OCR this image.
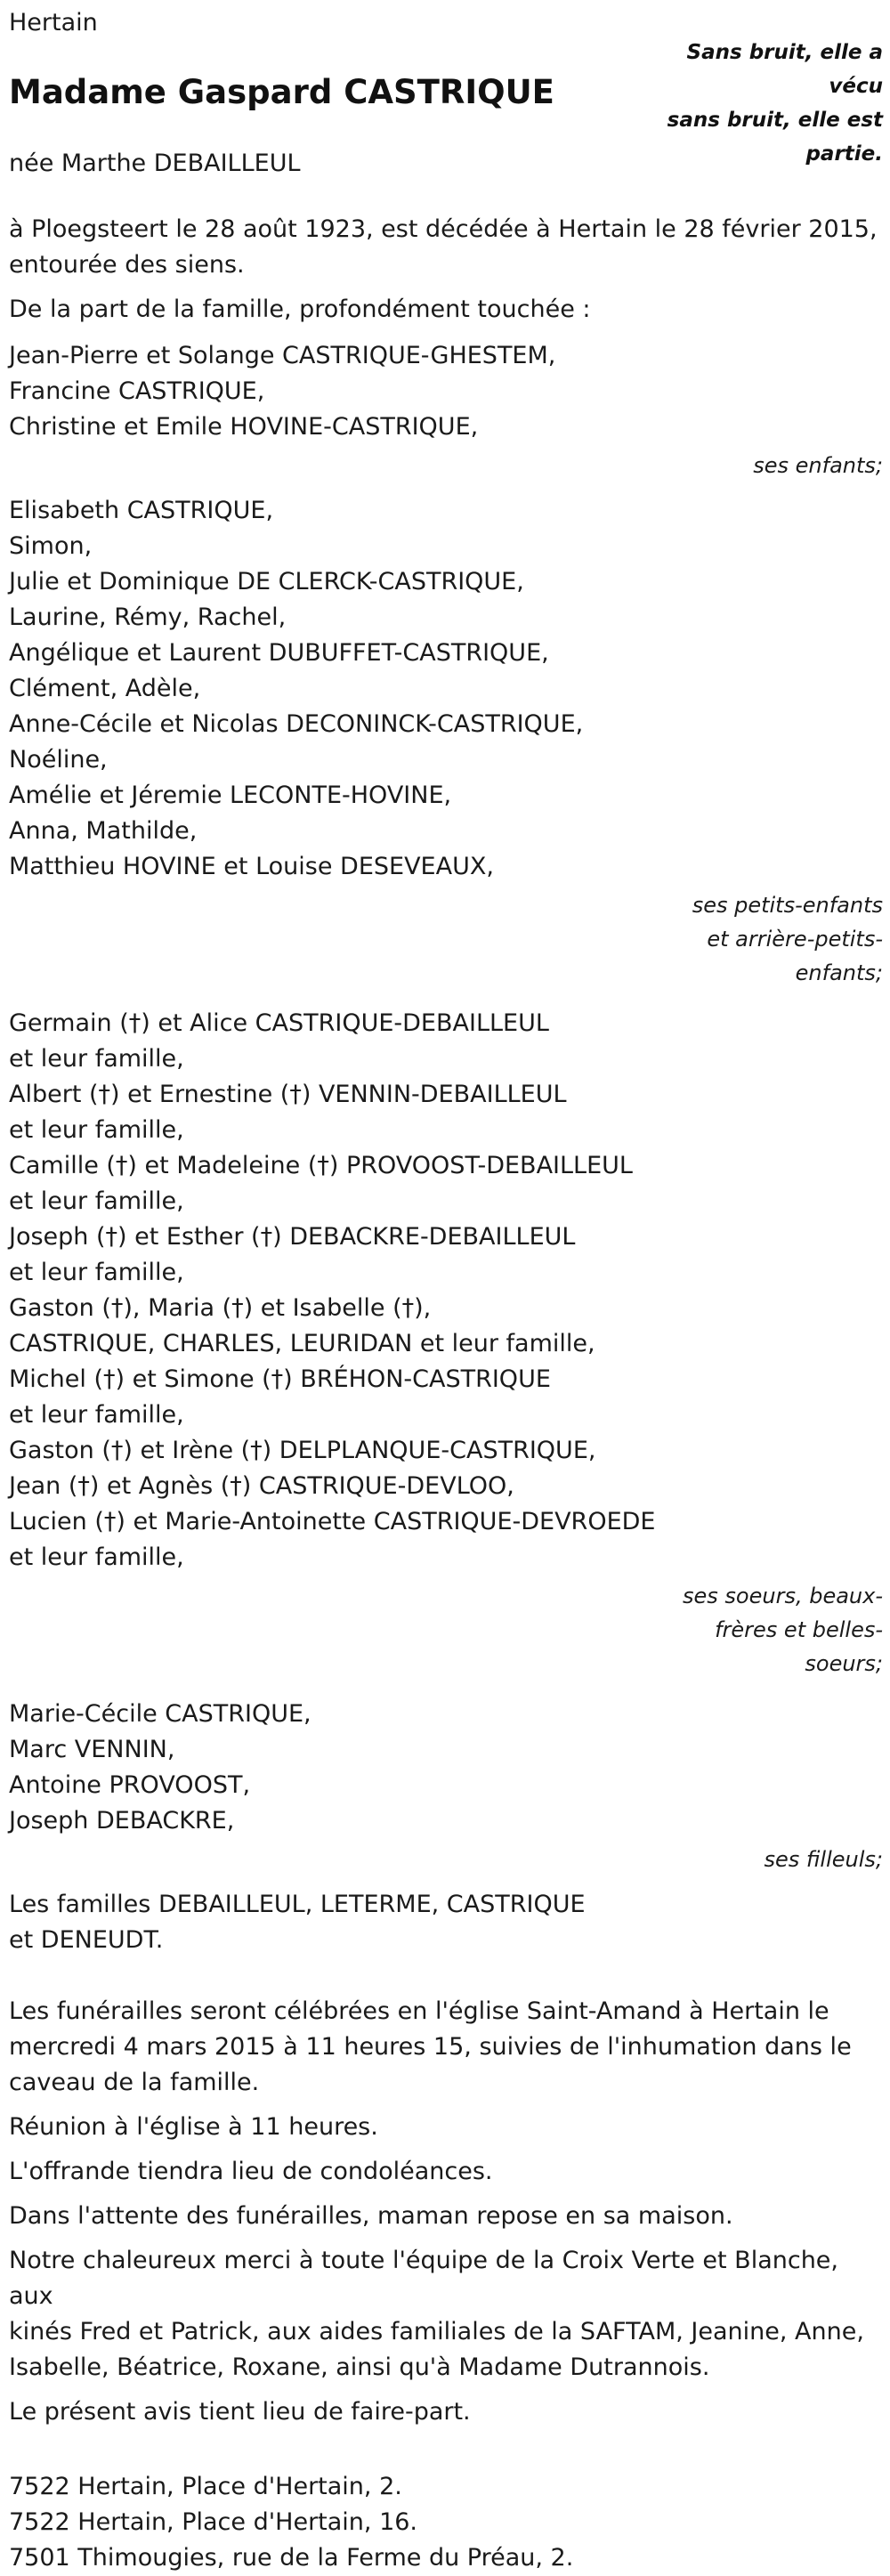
Sans bruit, elle a
vécu
sans bruit, elle est
partie.
Hertain
Madame Gaspard CASTRIQUE
née Marthe DEBAILLEUL
à Ploegsteert le 28 août 1923, est décédée à Hertain le 28 février 2015,
entourée des siens.
De la part de la famille, profondément touchée :
Jean-Pierre et Solange CASTRIQUE-GHESTEM,
Francine CASTRIQUE,
Christine et Emile HOVINE-CASTRIQUE,
ses enfants;
Elisabeth CASTRIQUE,
Simon,
Julie et Dominique DE CLERCK-CASTRIQUE,
Laurine, Rémy, Rachel,
Angélique et Laurent DUBUFFET-CASTRIQUE,
Clément, Adèle,
Anne-Cécile et Nicolas DECONINCK-CASTRIQUE,
Noéline,
Amélie et Jéremie LECONTE-HOVINE,
Anna, Mathilde,
Matthieu HOVINE et Louise DESEVEAUX,
ses petits-enfants
et arrière-petits-
enfants;
Germain (†) et Alice CASTRIQUE-DEBAILLEUL
et leur famille,
Albert (†) et Ernestine (†) VENNIN-DEBAILLEUL
et leur famille,
Camille (†) et Madeleine (†) PROVOOST-DEBAILLEUL
et leur famille,
Joseph (†) et Esther (†) DEBACKRE-DEBAILLEUL
et leur famille,
Gaston (†), Maria (†) et Isabelle (†),
CASTRIQUE, CHARLES, LEURIDAN et leur famille,
Michel (†) et Simone (†) BRÉHON-CASTRIQUE
et leur famille,
Gaston (†) et Irène (†) DELPLANQUE-CASTRIQUE,
Jean (†) et Agnès (†) CASTRIQUE-DEVLOO,
Lucien (†) et Marie-Antoinette CASTRIQUE-DEVROEDE
et leur famille,
ses soeurs, beaux-
frères et belles-
soeurs;
Marie-Cécile CASTRIQUE,
Marc VENNIN,
Antoine PROVOOST,
Joseph DEBACKRE,
ses filleuls;
Les familles DEBAILLEUL, LETERME, CASTRIQUE
et DENEUDT.
Les funérailles seront célébrées en l'église Saint-Amand à Hertain le
mercredi 4 mars 2015 à 11 heures 15, suivies de l'inhumation dans le
caveau de la famille.
Réunion à l'église à 11 heures.
L'offrande tiendra lieu de condoléances.
Dans l'attente des funérailles, maman repose en sa maison.
Notre chaleureux merci à toute l'équipe de la Croix Verte et Blanche, aux
kinés Fred et Patrick, aux aides familiales de la SAFTAM, Jeanine, Anne,
Isabelle, Béatrice, Roxane, ainsi qu'à Madame Dutrannois.
Le présent avis tient lieu de faire-part.
7522 Hertain, Place d'Hertain, 2.
7522 Hertain, Place d'Hertain, 16.
7501 Thimougies, rue de la Ferme du Préau, 2.
